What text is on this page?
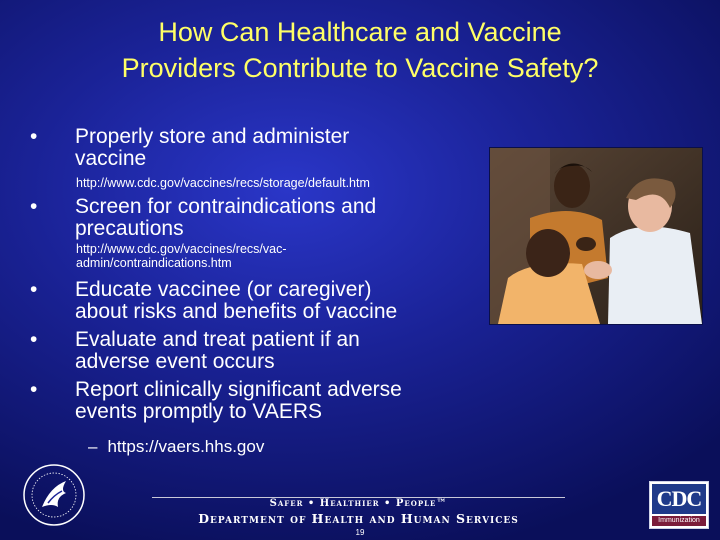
How Can Healthcare and Vaccine
Providers Contribute to Vaccine Safety?
• Properly store and administer
vaccine
http://www.cdc.gov/vaccines/recs/storage/default.htm
• Screen for contraindications and
precautions
http://www.cdc.gov/vaccines/recs/vac-
admin/contraindications.htm
• Educate vaccinee (or caregiver)
about risks and benefits of vaccine
• Evaluate and treat patient if an
adverse event occurs
• Report clinically significant adverse
events promptly to VAERS
– https://vaers.hhs.gov
Safer • Healthier • People™
Department of Health and Human Services
19
CDC
Immunization
